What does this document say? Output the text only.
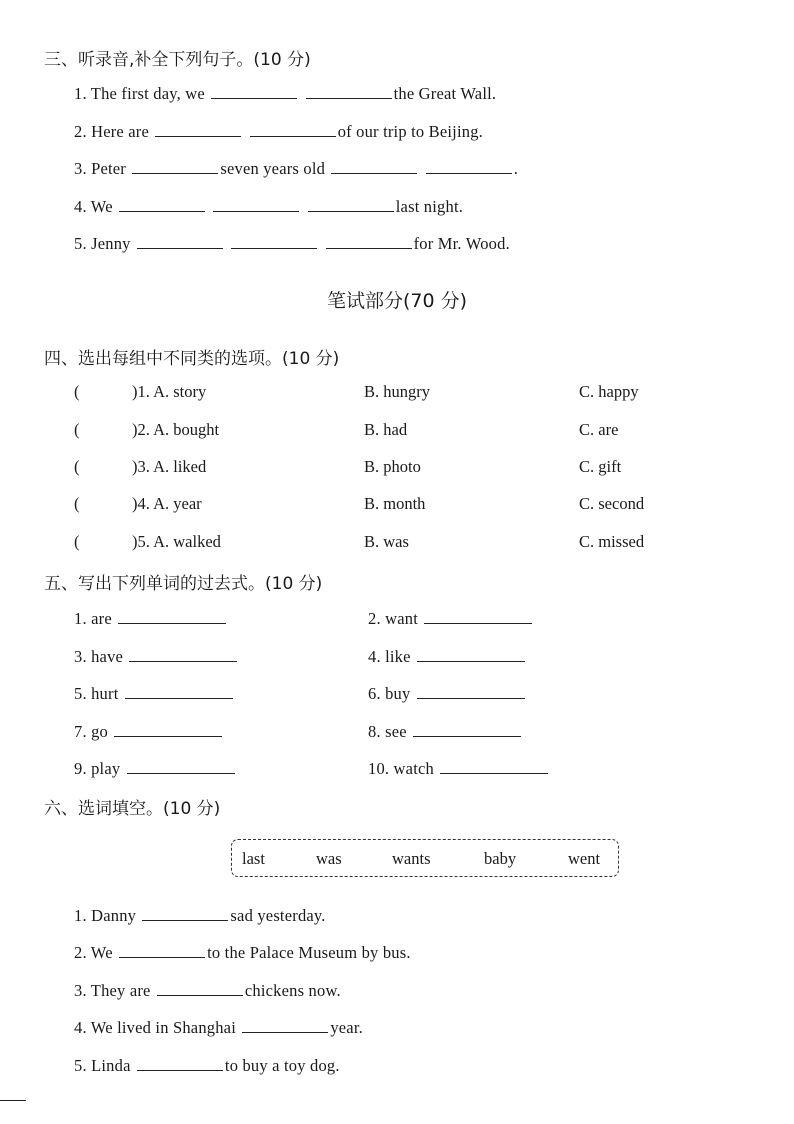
三、听录音,补全下列句子。(10 分)
1. The first day, we	the Great Wall.
2. Here are	of our trip to Beijing.
3. Peter	seven years old	.
4. We	last night.
5. Jenny	for Mr. Wood.
笔试部分(70 分)
四、选出每组中不同类的选项。(10 分)
(	)1. A. story	B. hungry	C. happy
(	)2. A. bought	B. had	C. are
(	)3. A. liked	B. photo	C. gift
(	)4. A. year	B. month	C. second
(	)5. A. walked	B. was	C. missed
五、写出下列单词的过去式。(10 分)
1. are	2. want
3. have	4. like
5. hurt	6. buy
7. go	8. see
9. play	10. watch
六、选词填空。(10 分)
last	was	wants	baby	went
1. Danny	sad yesterday.
2. We	to the Palace Museum by bus.
3. They are	chickens now.
4. We lived in Shanghai	year.
5. Linda	to buy a toy dog.
